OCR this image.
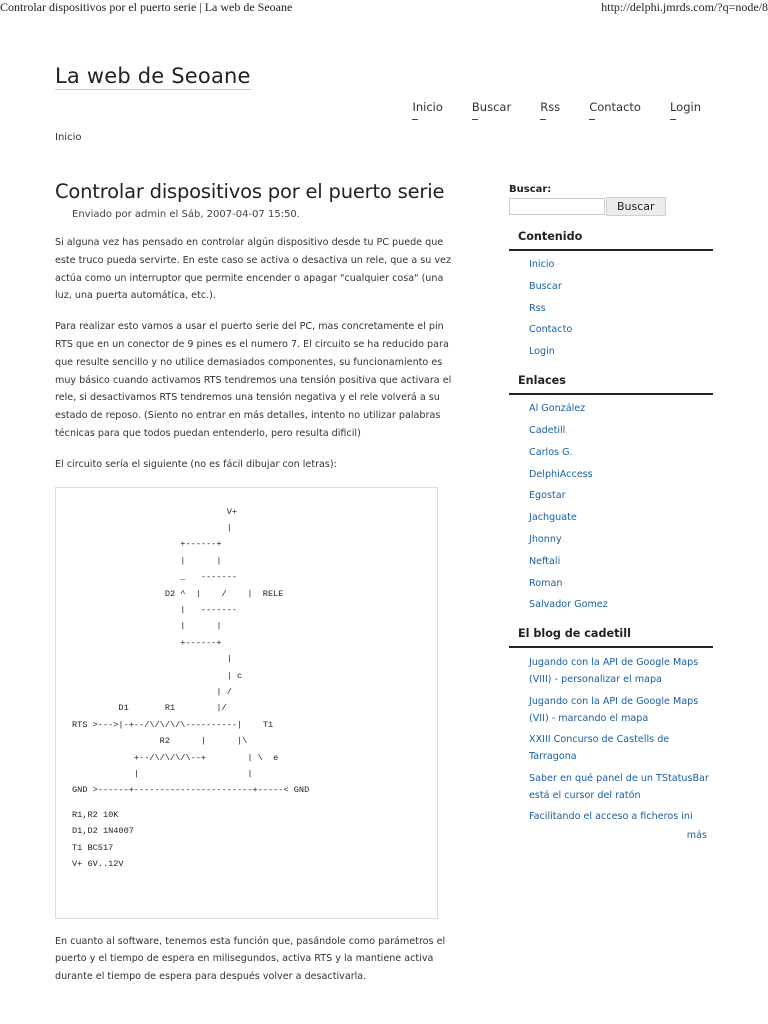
Controlar dispositivos por el puerto serie | La web de Seoane	http://delphi.jmrds.com/?q=node/8
La web de Seoane
Inicio	Buscar	Rss	Contacto	Login
Inicio
Controlar dispositivos por el puerto serie
Enviado por admin el Sáb, 2007-04-07 15:50.

Si alguna vez has pensado en controlar algún dispositivo desde tu PC puede que este truco pueda servirte. En este caso se activa o desactiva un rele, que a su vez actúa como un interruptor que permite encender o apagar "cualquier cosa" (una luz, una puerta automática, etc.).

Para realizar esto vamos a usar el puerto serie del PC, mas concretamente el pin RTS que en un conector de 9 pines es el numero 7. El circuito se ha reducido para que resulte sencillo y no utilice demasiados componentes, su funcionamiento es muy básico cuando activamos RTS tendremos una tensión positiva que activara el rele, si desactivamos RTS tendremos una tensión negativa y el rele volverá a su estado de reposo. (Siento no entrar en más detalles, intento no utilizar palabras técnicas para que todos puedan entenderlo, pero resulta dificil)

El circuito sería el siguiente (no es fácil dibujar con letras):

V+
|
+------+
|      |
_   -------
D2 ^  |    /    |  RELE
|   -------
|      |
+------+
|
| c
| /
D1       R1        |/
RTS >--->|-+--/\/\/\/\----------|    T1
R2      |      |\
+--/\/\/\/\--+        | \  e
|                     |
GND >------+-----------------------+-----< GND
R1,R2 10K
D1,D2 1N4007
T1 BC517
V+ 6V..12V

En cuanto al software, tenemos esta función que, pasándole como parámetros el puerto y el tiempo de espera en milisegundos, activa RTS y la mantiene activa durante el tiempo de espera para después volver a desactivarla.

Buscar:
Buscar
Contenido
Inicio
Buscar
Rss
Contacto
Login
Enlaces
Al González
Cadetill
Carlos G.
DelphiAccess
Egostar
Jachguate
Jhonny
Neftali
Roman
Salvador Gomez
El blog de cadetill
Jugando con la API de Google Maps (VIII) - personalizar el mapa
Jugando con la API de Google Maps (VII) - marcando el mapa
XXIII Concurso de Castells de Tarragona
Saber en qué panel de un TStatusBar está el cursor del ratón
Facilitando el acceso a ficheros ini
más
